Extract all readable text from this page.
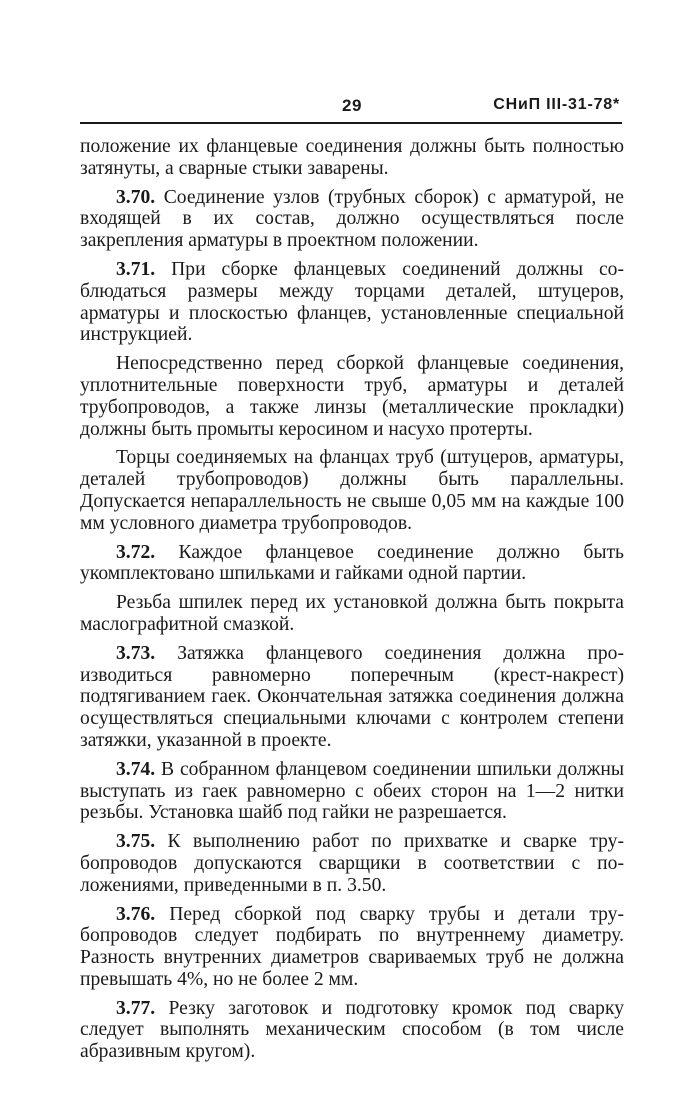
29	СНиП III-31-78*

положение их фланцевые соединения должны быть полностью затянуты, а сварные стыки заварены.

3.70. Соединение узлов (трубных сборок) с арматурой, не входящей в их состав, должно осуществляться после закрепления арматуры в проектном положении.

3.71. При сборке фланцевых соединений должны соблюдаться размеры между торцами деталей, штуцеров, арматуры и плоскостью фланцев, установленные специальной инструкцией.

Непосредственно перед сборкой фланцевые соединения, уплотнительные поверхности труб, арматуры и деталей трубопроводов, а также линзы (металлические прокладки) должны быть промыты керосином и насухо протерты.

Торцы соединяемых на фланцах труб (штуцеров, арматуры, деталей трубопроводов) должны быть параллельны. Допускается непараллельность не свыше 0,05 мм на каждые 100 мм условного диаметра трубопроводов.

3.72. Каждое фланцевое соединение должно быть укомплектовано шпильками и гайками одной партии.

Резьба шпилек перед их установкой должна быть покрыта маслографитной смазкой.

3.73. Затяжка фланцевого соединения должна производиться равномерно поперечным (крест-накрест) подтягиванием гаек. Окончательная затяжка соединения должна осуществляться специальными ключами с контролем степени затяжки, указанной в проекте.

3.74. В собранном фланцевом соединении шпильки должны выступать из гаек равномерно с обеих сторон на 1—2 нитки резьбы. Установка шайб под гайки не разрешается.

3.75. К выполнению работ по прихватке и сварке трубопроводов допускаются сварщики в соответствии с положениями, приведенными в п. 3.50.

3.76. Перед сборкой под сварку трубы и детали трубопроводов следует подбирать по внутреннему диаметру. Разность внутренних диаметров свариваемых труб не должна превышать 4%, но не более 2 мм.

3.77. Резку заготовок и подготовку кромок под сварку следует выполнять механическим способом (в том числе абразивным кругом).
